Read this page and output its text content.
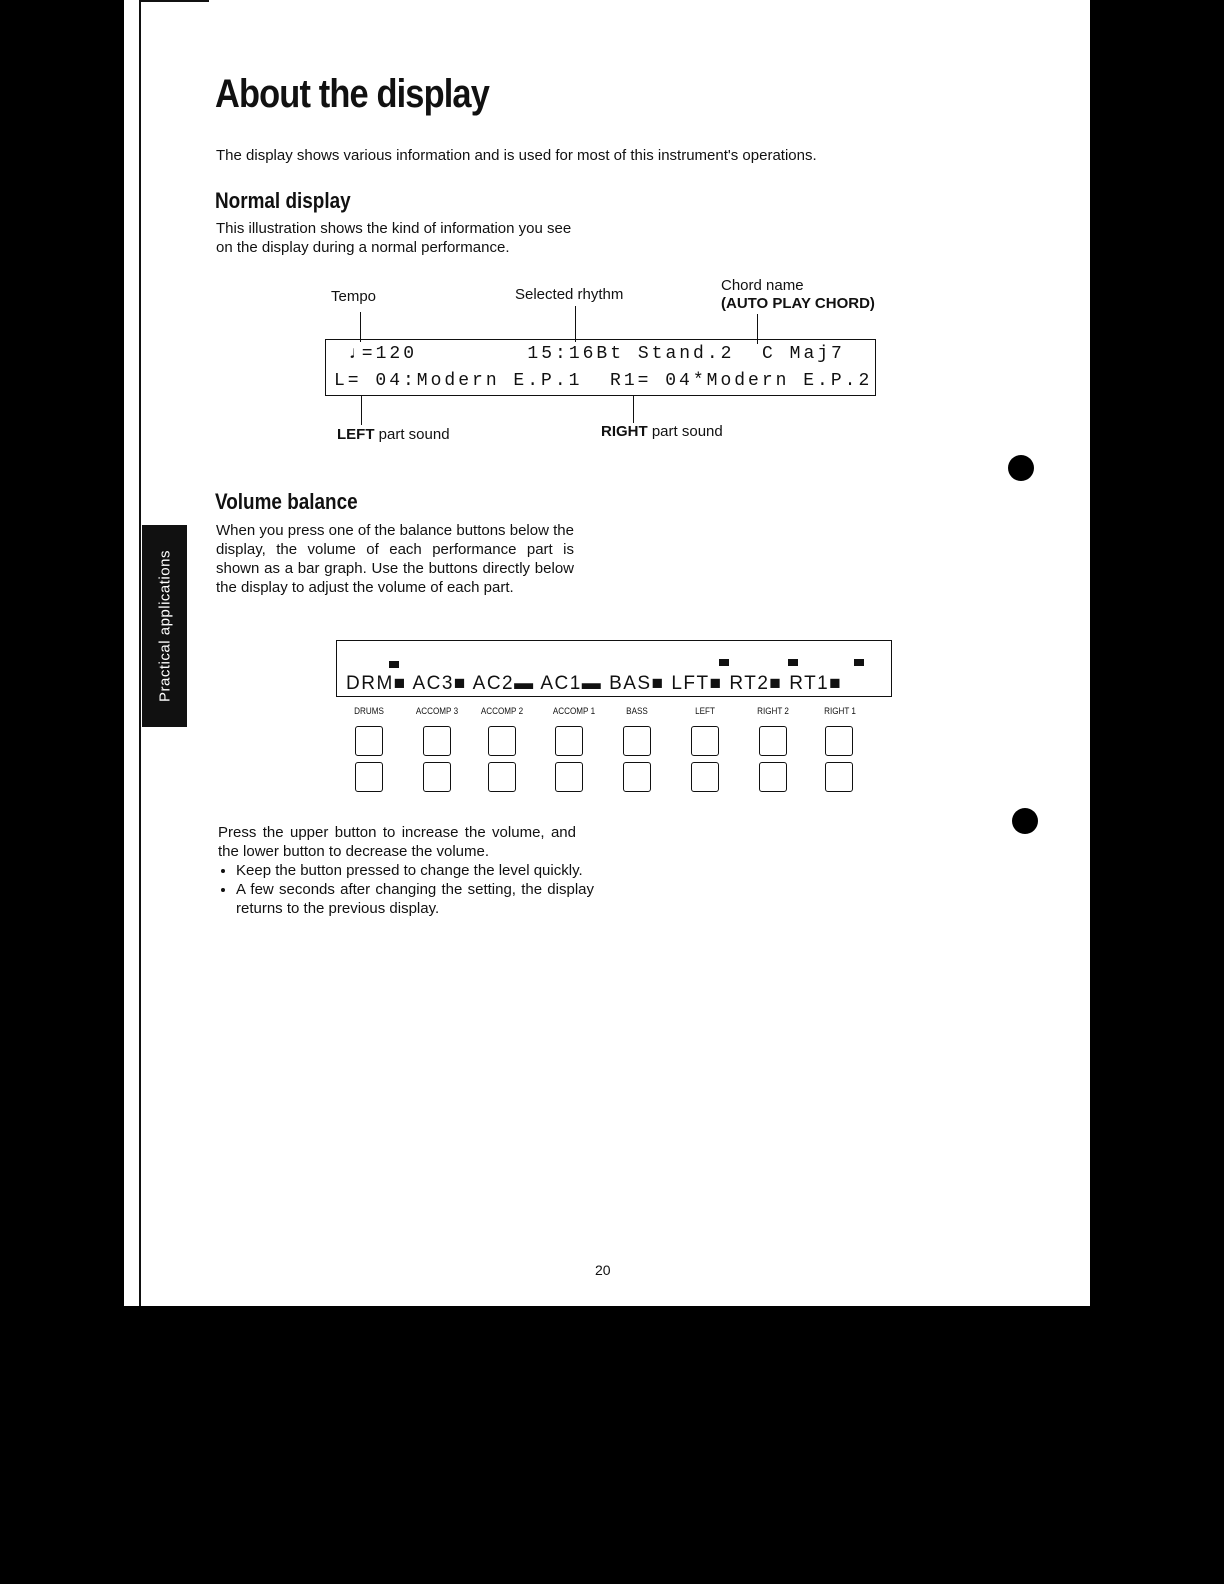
Practical applications
About the display
The display shows various information and is used for most of this instrument's operations.
Normal display
This illustration shows the kind of information you see on the display during a normal performance.
Tempo	Selected rhythm
Chord name
(AUTO PLAY CHORD)

♩=120        15:16Bt Stand.2  C Maj7

L= 04:Modern E.P.1  R1= 04*Modern E.P.2

LEFT part sound	RIGHT part sound
Volume balance
When you press one of the balance buttons below the display, the volume of each performance part is shown as a bar graph. Use the buttons directly below the display to adjust the volume of each part.

DRM■ AC3■ AC2▬ AC1▬ BAS■ LFT■ RT2■ RT1■

DRUMS	ACCOMP 3	ACCOMP 2	ACCOMP 1	BASS	LEFT	RIGHT 2	RIGHT 1
Press the upper button to increase the volume, and the lower button to decrease the volume.
• Keep the button pressed to change the level quickly.
• A few seconds after changing the setting, the display returns to the previous display.
20
